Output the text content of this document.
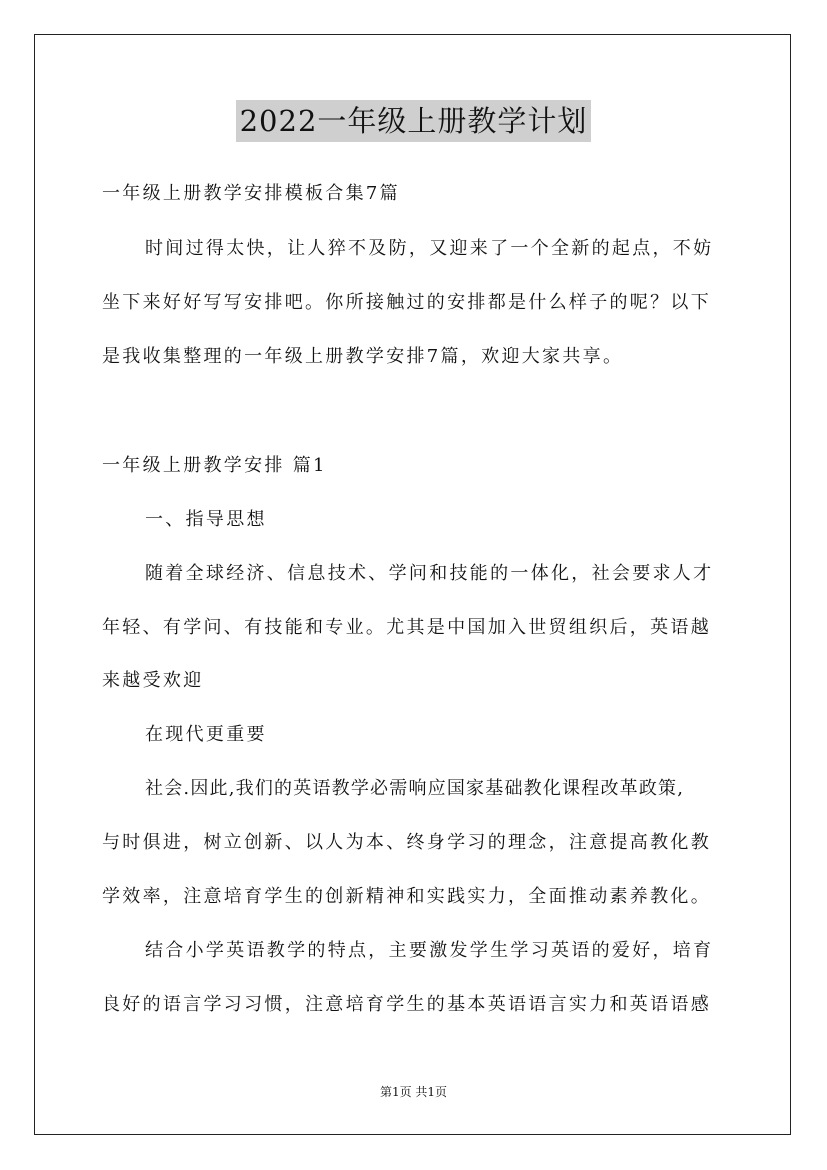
2022一年级上册教学计划
一年级上册教学安排模板合集7篇
时间过得太快，让人猝不及防，又迎来了一个全新的起点，不妨
坐下来好好写写安排吧。你所接触过的安排都是什么样子的呢？以下
是我收集整理的一年级上册教学安排7篇，欢迎大家共享。
一年级上册教学安排 篇1
一、指导思想
随着全球经济、信息技术、学问和技能的一体化，社会要求人才
年轻、有学问、有技能和专业。尤其是中国加入世贸组织后，英语越
来越受欢迎
在现代更重要
社会.因此,我们的英语教学必需响应国家基础教化课程改革政策,
与时俱进，树立创新、以人为本、终身学习的理念，注意提高教化教
学效率，注意培育学生的创新精神和实践实力，全面推动素养教化。
结合小学英语教学的特点，主要激发学生学习英语的爱好，培育
良好的语言学习习惯，注意培育学生的基本英语语言实力和英语语感
第1页 共1页
